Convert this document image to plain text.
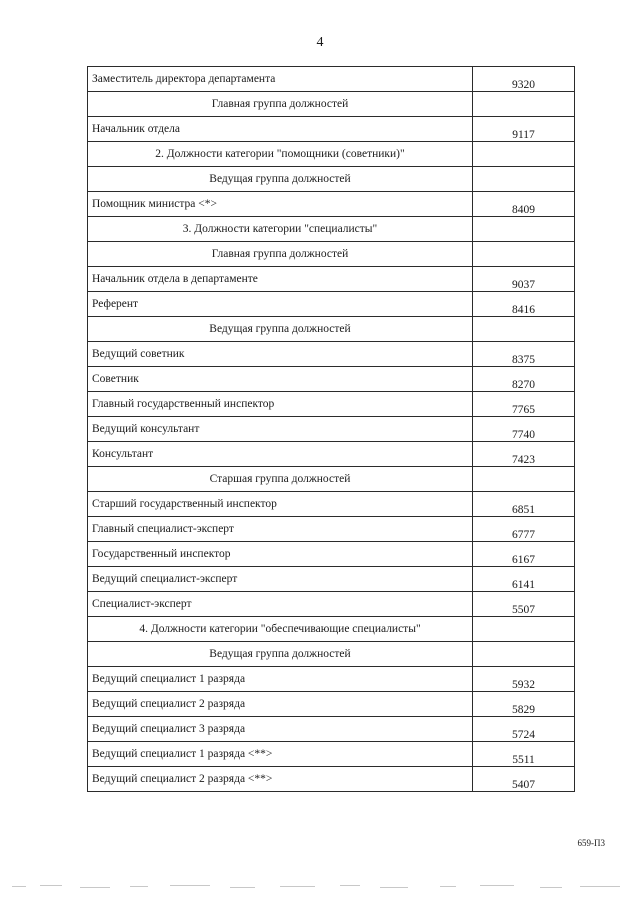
4
Заместитель директора департамента	9320
Главная группа должностей	
Начальник отдела	9117
2. Должности категории "помощники (советники)"	
Ведущая группа должностей	
Помощник министра <*>	8409
3. Должности категории "специалисты"	
Главная группа должностей	
Начальник отдела в департаменте	9037
Референт	8416
Ведущая группа должностей	
Ведущий советник	8375
Советник	8270
Главный государственный инспектор	7765
Ведущий консультант	7740
Консультант	7423
Старшая группа должностей	
Старший государственный инспектор	6851
Главный специалист-эксперт	6777
Государственный инспектор	6167
Ведущий специалист-эксперт	6141
Специалист-эксперт	5507
4. Должности категории "обеспечивающие специалисты"	
Ведущая группа должностей	
Ведущий специалист 1 разряда	5932
Ведущий специалист 2 разряда	5829
Ведущий специалист 3 разряда	5724
Ведущий специалист 1 разряда <**>	5511
Ведущий специалист 2 разряда <**>	5407
659-П3
